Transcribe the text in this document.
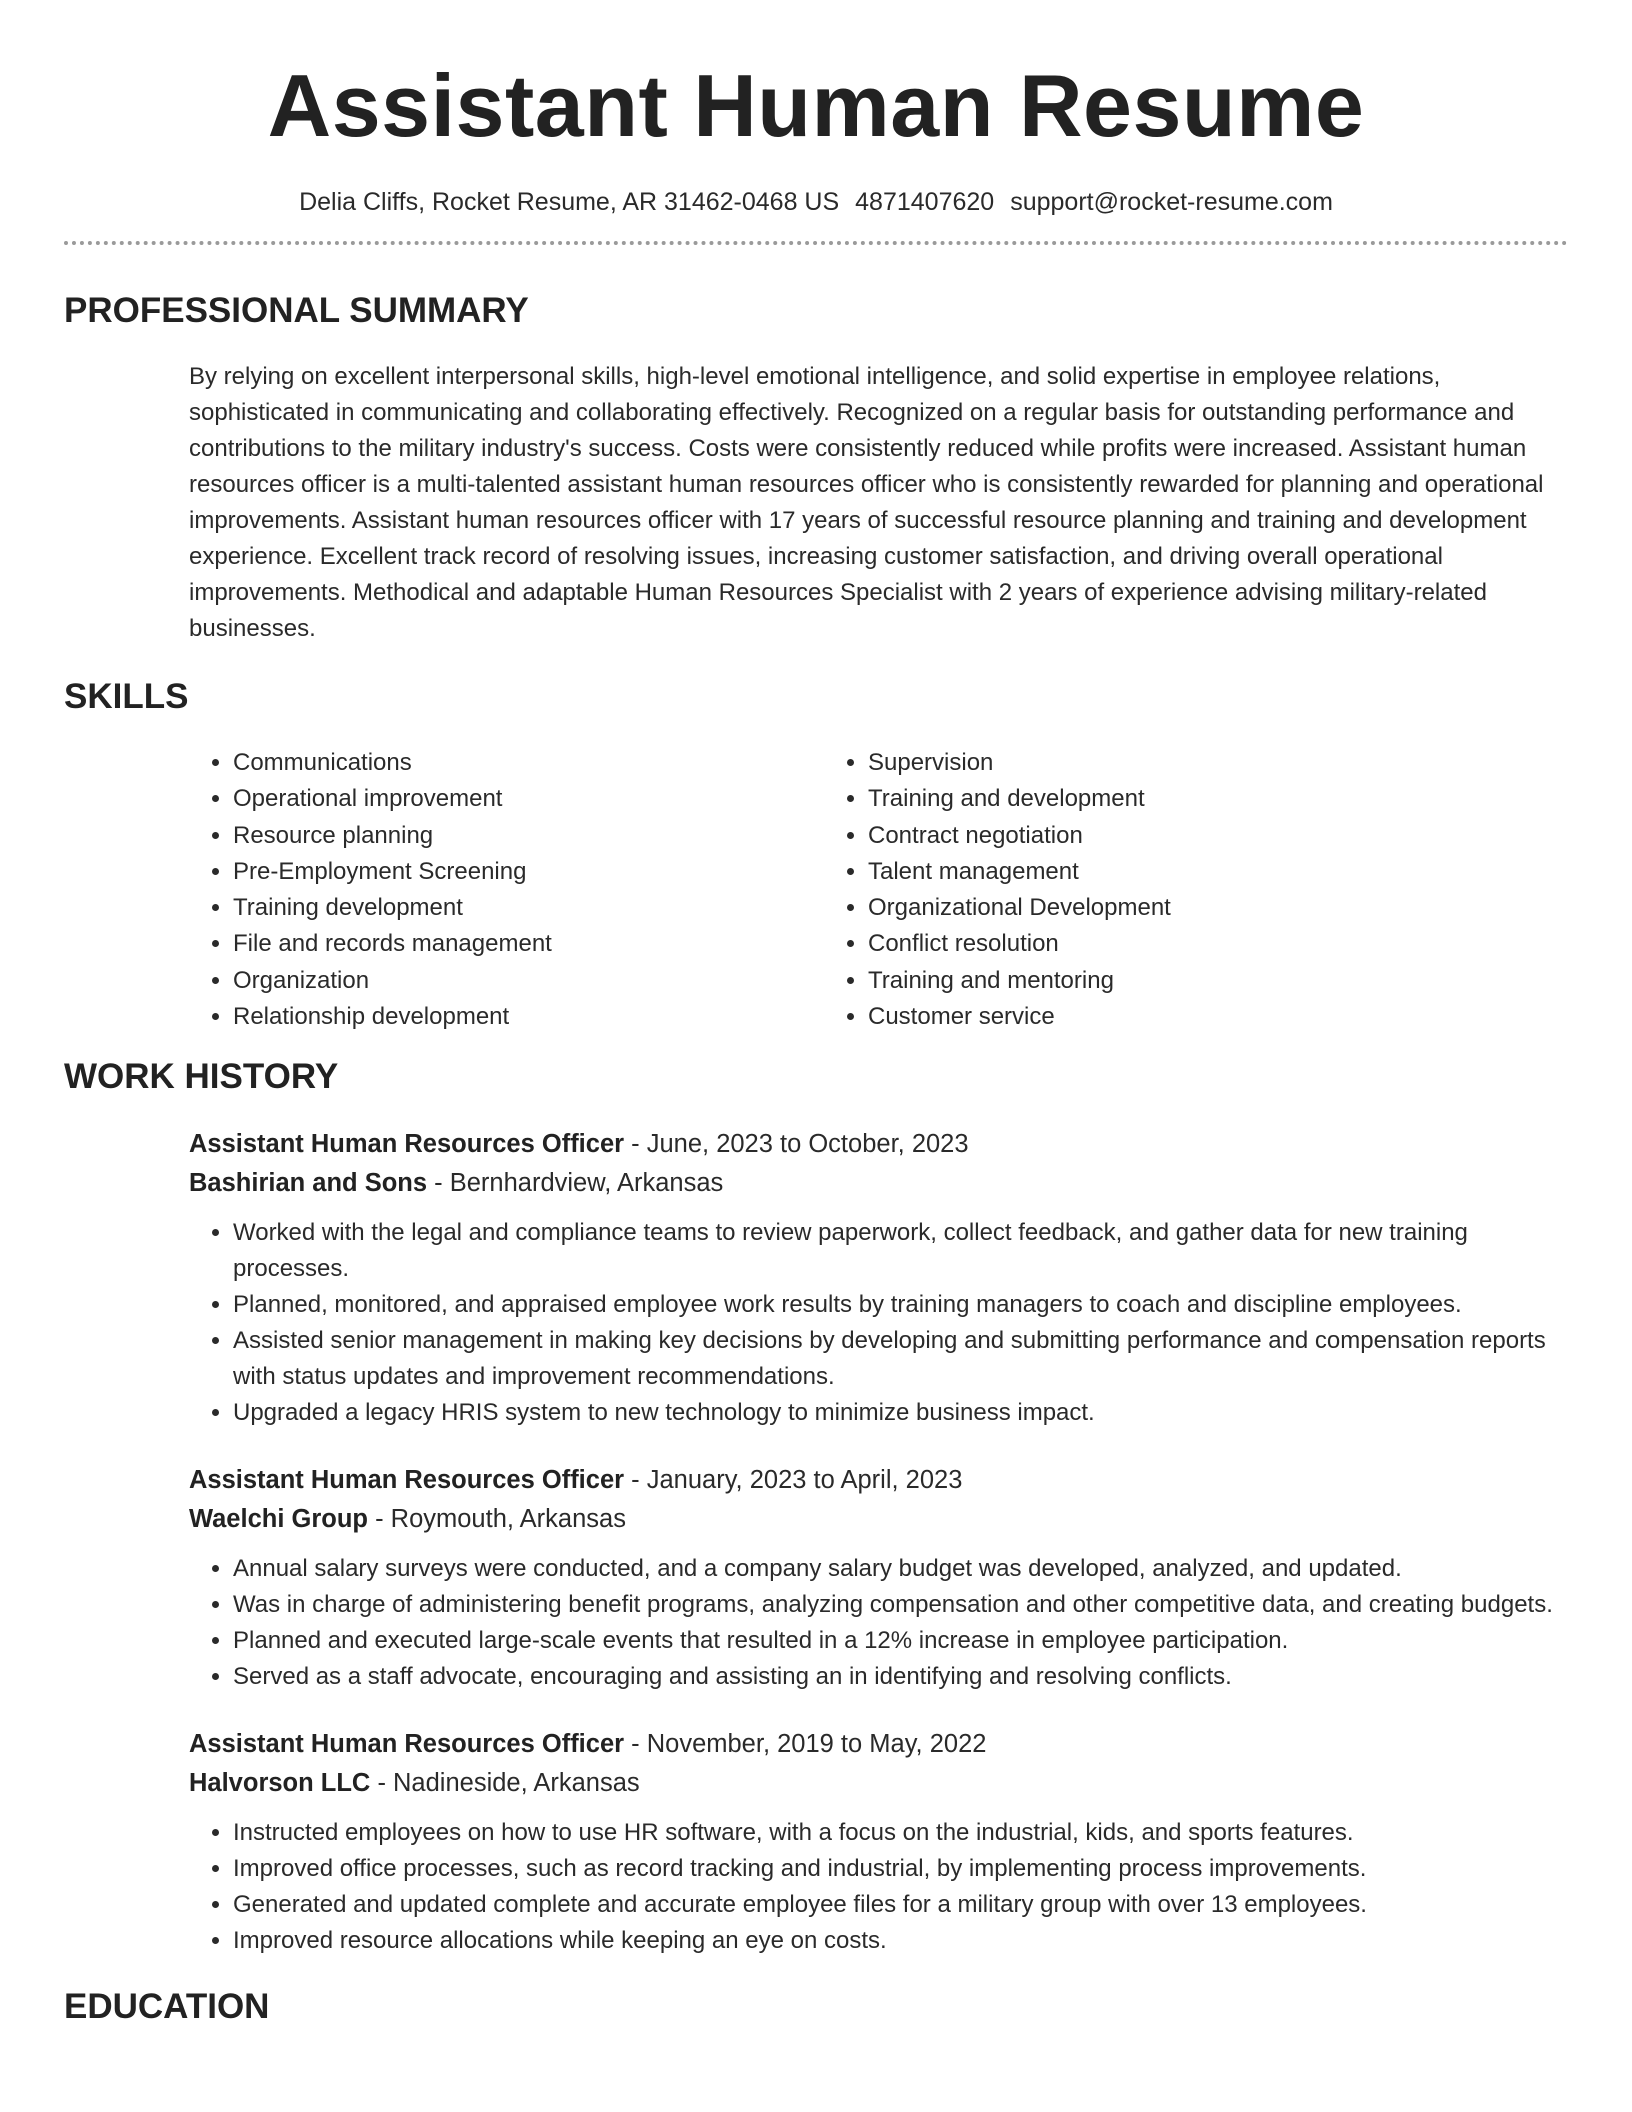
Assistant Human Resume
Delia Cliffs, Rocket Resume, AR 31462-0468 US 4871407620 support@rocket-resume.com
PROFESSIONAL SUMMARY

By relying on excellent interpersonal skills, high-level emotional intelligence, and solid expertise in employee relations, sophisticated in communicating and collaborating effectively. Recognized on a regular basis for outstanding performance and contributions to the military industry's success. Costs were consistently reduced while profits were increased. Assistant human resources officer is a multi-talented assistant human resources officer who is consistently rewarded for planning and operational improvements. Assistant human resources officer with 17 years of successful resource planning and training and development experience. Excellent track record of resolving issues, increasing customer satisfaction, and driving overall operational improvements. Methodical and adaptable Human Resources Specialist with 2 years of experience advising military-related businesses.

SKILLS
• Communications
• Operational improvement
• Resource planning
• Pre-Employment Screening
• Training development
• File and records management
• Organization
• Relationship development
• Supervision
• Training and development
• Contract negotiation
• Talent management
• Organizational Development
• Conflict resolution
• Training and mentoring
• Customer service
WORK HISTORY
Assistant Human Resources Officer - June, 2023 to October, 2023
Bashirian and Sons - Bernhardview, Arkansas
• Worked with the legal and compliance teams to review paperwork, collect feedback, and gather data for new training processes.
• Planned, monitored, and appraised employee work results by training managers to coach and discipline employees.
• Assisted senior management in making key decisions by developing and submitting performance and compensation reports with status updates and improvement recommendations.
• Upgraded a legacy HRIS system to new technology to minimize business impact.
Assistant Human Resources Officer - January, 2023 to April, 2023
Waelchi Group - Roymouth, Arkansas
• Annual salary surveys were conducted, and a company salary budget was developed, analyzed, and updated.
• Was in charge of administering benefit programs, analyzing compensation and other competitive data, and creating budgets.
• Planned and executed large-scale events that resulted in a 12% increase in employee participation.
• Served as a staff advocate, encouraging and assisting an in identifying and resolving conflicts.
Assistant Human Resources Officer - November, 2019 to May, 2022
Halvorson LLC - Nadineside, Arkansas
• Instructed employees on how to use HR software, with a focus on the industrial, kids, and sports features.
• Improved office processes, such as record tracking and industrial, by implementing process improvements.
• Generated and updated complete and accurate employee files for a military group with over 13 employees.
• Improved resource allocations while keeping an eye on costs.
EDUCATION
